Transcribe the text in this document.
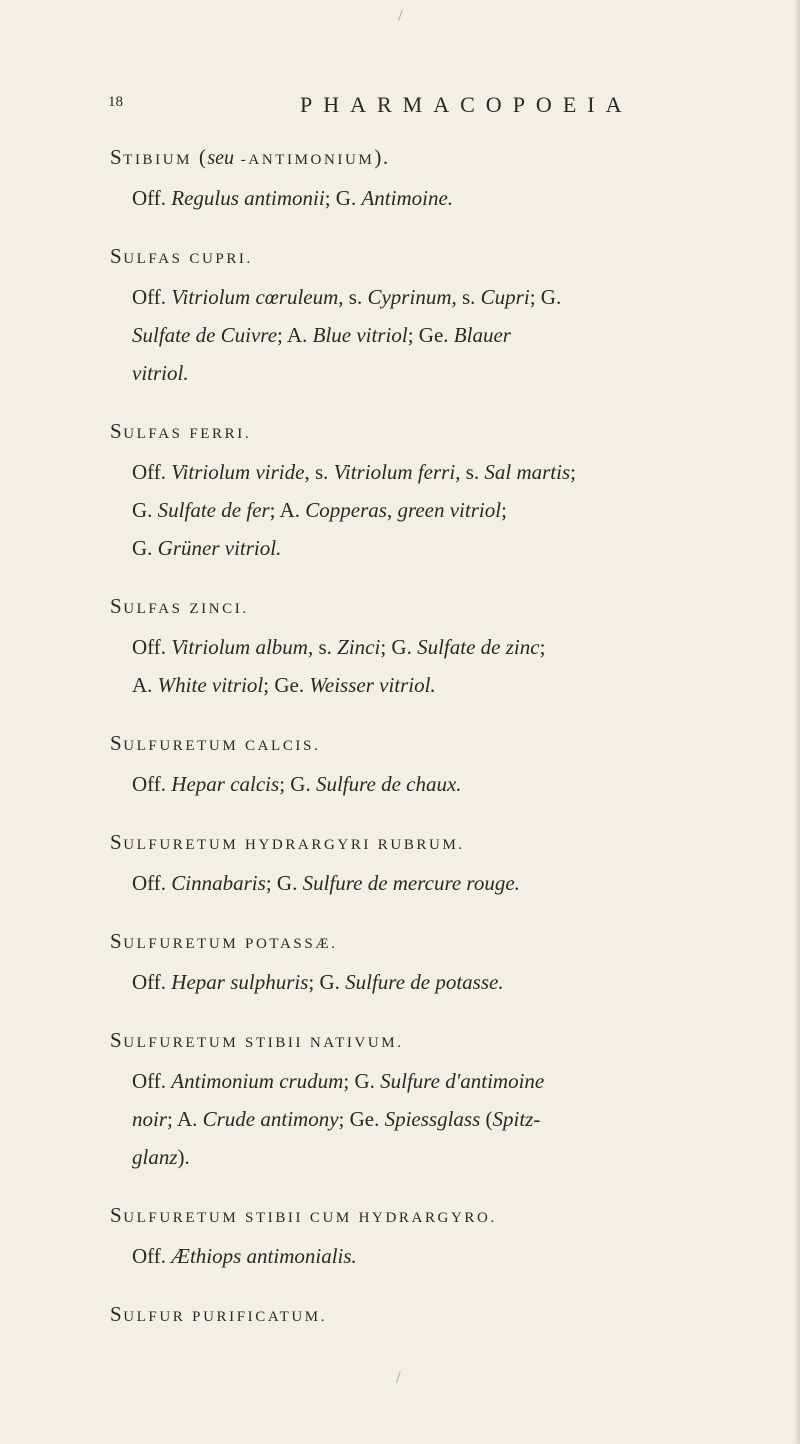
18	PHARMACOPOEIA
STIBIUM (seu -ANTIMONIUM).
Off. Regulus antimonii; G. Antimoine.
SULFAS CUPRI.
Off. Vitriolum cœruleum, s. Cyprinum, s. Cupri; G.
Sulfate de Cuivre; A. Blue vitriol; Ge. Blauer
vitriol.
SULFAS FERRI.
Off. Vitriolum viride, s. Vitriolum ferri, s. Sal martis;
G. Sulfate de fer; A. Copperas, green vitriol;
G. Grüner vitriol.
SULFAS ZINCI.
Off. Vitriolum album, s. Zinci; G. Sulfate de zinc;
A. White vitriol; Ge. Weisser vitriol.
SULFURETUM CALCIS.
Off. Hepar calcis; G. Sulfure de chaux.
SULFURETUM HYDRARGYRI RUBRUM.
Off. Cinnabaris; G. Sulfure de mercure rouge.
SULFURETUM POTASSÆ.
Off. Hepar sulphuris; G. Sulfure de potasse.
SULFURETUM STIBII NATIVUM.
Off. Antimonium crudum; G. Sulfure d'antimoine
noir; A. Crude antimony; Ge. Spiessglass (Spitz-
glanz).
SULFURETUM STIBII CUM HYDRARGYRO.
Off. Æthiops antimonialis.
SULFUR PURIFICATUM.
/
/
